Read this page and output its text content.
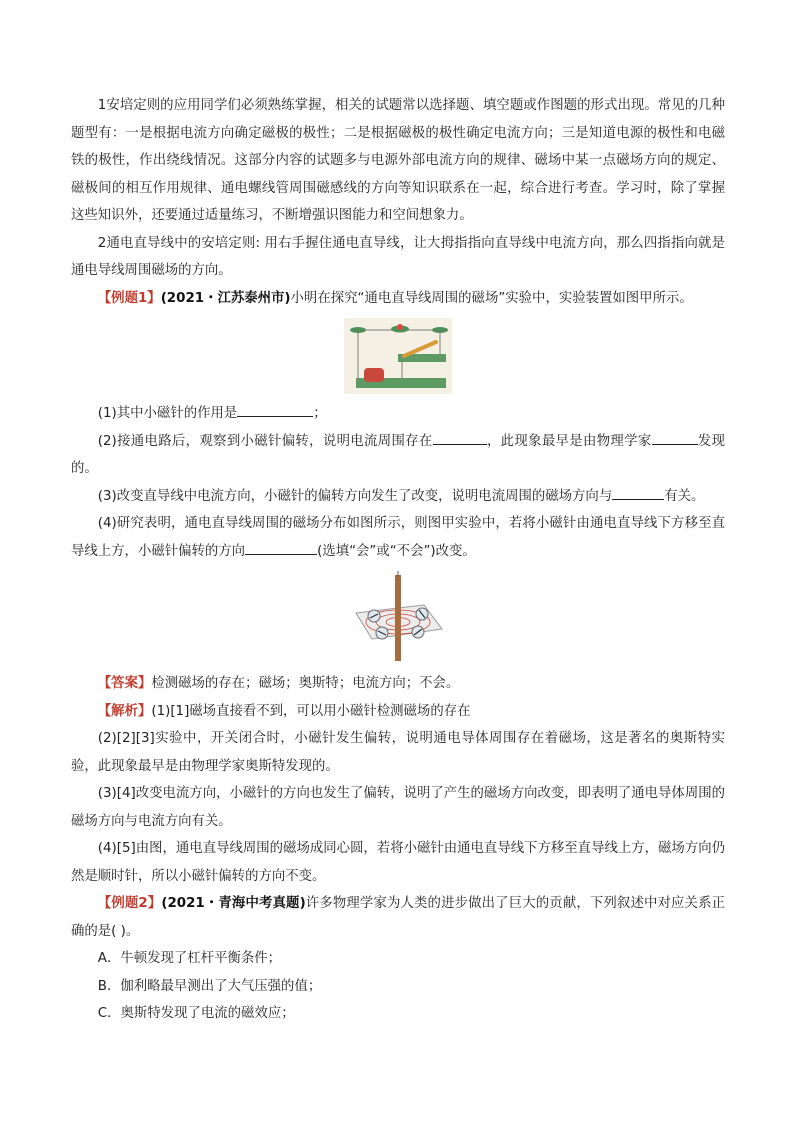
1安培定则的应用同学们必须熟练掌握，相关的试题常以选择题、填空题或作图题的形式出现。常见的几种题型有：一是根据电流方向确定磁极的极性；二是根据磁极的极性确定电流方向；三是知道电源的极性和电磁铁的极性，作出绕线情况。这部分内容的试题多与电源外部电流方向的规律、磁场中某一点磁场方向的规定、磁极间的相互作用规律、通电螺线管周围磁感线的方向等知识联系在一起，综合进行考查。学习时，除了掌握这些知识外，还要通过适量练习，不断增强识图能力和空间想象力。

2通电直导线中的安培定则: 用右手握住通电直导线，让大拇指指向直导线中电流方向，那么四指指向就是通电导线周围磁场的方向。

【例题1】(2021・江苏泰州市)小明在探究“通电直导线周围的磁场”实验中，实验装置如图甲所示。

(1)其中小磁针的作用是	；

(2)接通电路后，观察到小磁针偏转，说明电流周围存在	，此现象最早是由物理学家	发现的。

(3)改变直导线中电流方向，小磁针的偏转方向发生了改变，说明电流周围的磁场方向与	有关。

(4)研究表明，通电直导线周围的磁场分布如图所示，则图甲实验中，若将小磁针由通电直导线下方移至直导线上方，小磁针偏转的方向	(选填“会”或“不会”)改变。

【答案】检测磁场的存在；磁场；奥斯特；电流方向；不会。

【解析】(1)[1]磁场直接看不到，可以用小磁针检测磁场的存在

(2)[2][3]实验中，开关闭合时，小磁针发生偏转，说明通电导体周围存在着磁场，这是著名的奥斯特实验，此现象最早是由物理学家奥斯特发现的。

(3)[4]改变电流方向，小磁针的方向也发生了偏转，说明了产生的磁场方向改变，即表明了通电导体周围的磁场方向与电流方向有关。

(4)[5]由图，通电直导线周围的磁场成同心圆，若将小磁针由通电直导线下方移至直导线上方，磁场方向仍然是顺时针，所以小磁针偏转的方向不变。

【例题2】(2021・青海中考真题)许多物理学家为人类的进步做出了巨大的贡献，下列叙述中对应关系正确的是( )。

A．牛顿发现了杠杆平衡条件；

B．伽利略最早测出了大气压强的值；

C．奥斯特发现了电流的磁效应；
